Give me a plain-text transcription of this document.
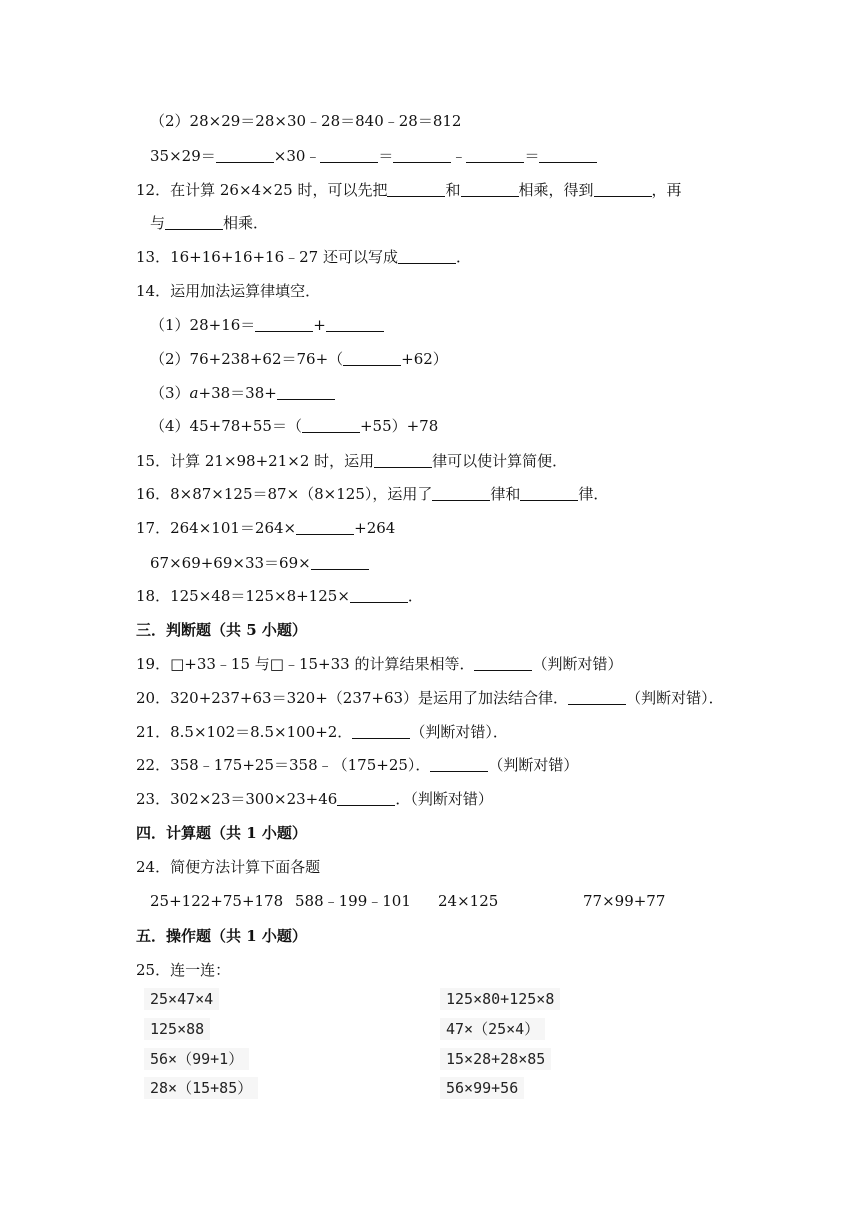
（2）28×29＝28×30﹣28＝840﹣28＝812
35×29＝	×30﹣	＝	﹣	＝
12．在计算 26×4×25 时，可以先把	和	相乘，得到	，再
与	相乘．
13．16+16+16+16﹣27 还可以写成	．
14．运用加法运算律填空．
（1）28+16＝	+
（2）76+238+62＝76+（	+62）
（3）a+38＝38+
（4）45+78+55＝（	+55）+78
15．计算 21×98+21×2 时，运用	律可以使计算简便．
16．8×87×125＝87×（8×125），运用了	律和	律．
17．264×101＝264×	+264
67×69+69×33＝69×
18．125×48＝125×8+125×	．
三．判断题（共 5 小题）
19．□+33﹣15 与□﹣15+33 的计算结果相等．	（判断对错）
20．320+237+63＝320+（237+63）是运用了加法结合律．	（判断对错）．
21．8.5×102＝8.5×100+2．	（判断对错）．
22．358﹣175+25＝358﹣（175+25）．	（判断对错）
23．302×23＝300×23+46	．（判断对错）
四．计算题（共 1 小题）
24．简便方法计算下面各题
25+122+75+178 588﹣199﹣101 24×125	77×99+77
五．操作题（共 1 小题）
25．连一连：
25×47×4
125×88
56×（99+1）
28×（15+85）
125×80+125×8
47×（25×4）
15×28+28×85
56×99+56
